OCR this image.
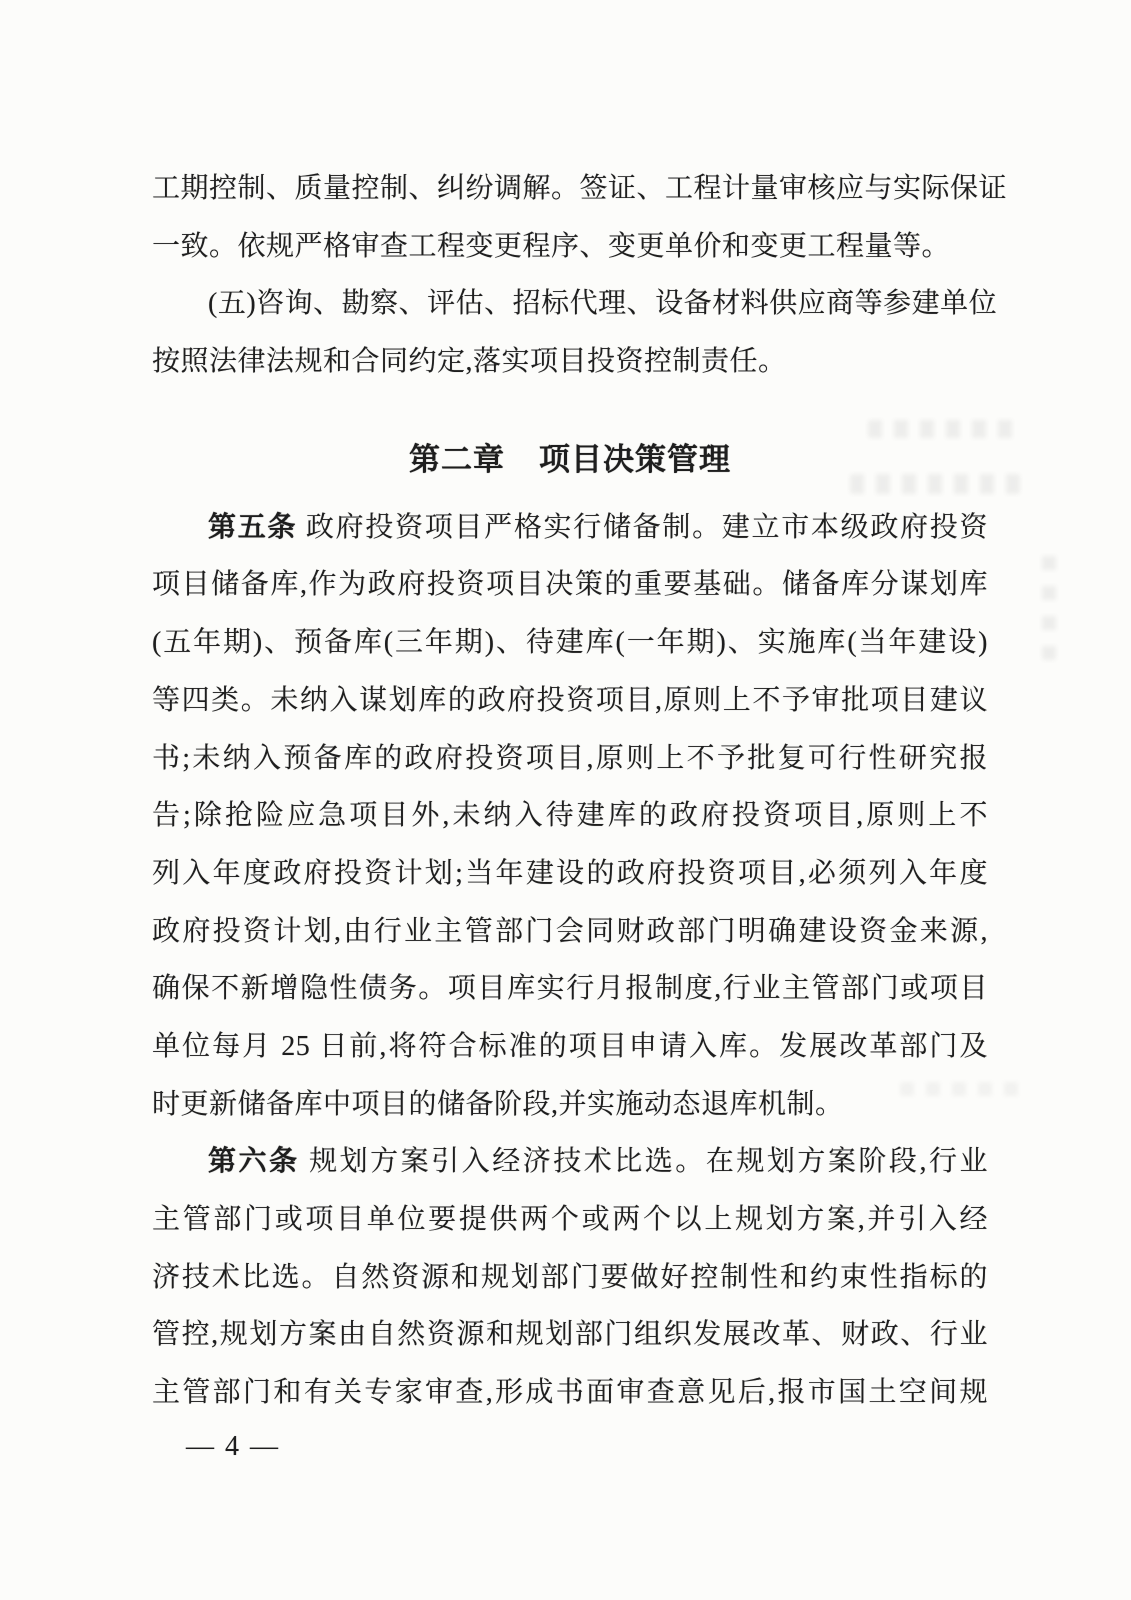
工期控制、质量控制、纠纷调解。签证、工程计量审核应与实际保证
一致。依规严格审查工程变更程序、变更单价和变更工程量等。
(五)咨询、勘察、评估、招标代理、设备材料供应商等参建单位
按照法律法规和合同约定,落实项目投资控制责任。
第二章 项目决策管理
第五条 政府投资项目严格实行储备制。建立市本级政府投资
项目储备库,作为政府投资项目决策的重要基础。储备库分谋划库
(五年期)、预备库(三年期)、待建库(一年期)、实施库(当年建设)
等四类。未纳入谋划库的政府投资项目,原则上不予审批项目建议
书;未纳入预备库的政府投资项目,原则上不予批复可行性研究报
告;除抢险应急项目外,未纳入待建库的政府投资项目,原则上不
列入年度政府投资计划;当年建设的政府投资项目,必须列入年度
政府投资计划,由行业主管部门会同财政部门明确建设资金来源,
确保不新增隐性债务。项目库实行月报制度,行业主管部门或项目
单位每月 25 日前,将符合标准的项目申请入库。发展改革部门及
时更新储备库中项目的储备阶段,并实施动态退库机制。
第六条 规划方案引入经济技术比选。在规划方案阶段,行业
主管部门或项目单位要提供两个或两个以上规划方案,并引入经
济技术比选。自然资源和规划部门要做好控制性和约束性指标的
管控,规划方案由自然资源和规划部门组织发展改革、财政、行业
主管部门和有关专家审查,形成书面审查意见后,报市国土空间规
— 4 —
